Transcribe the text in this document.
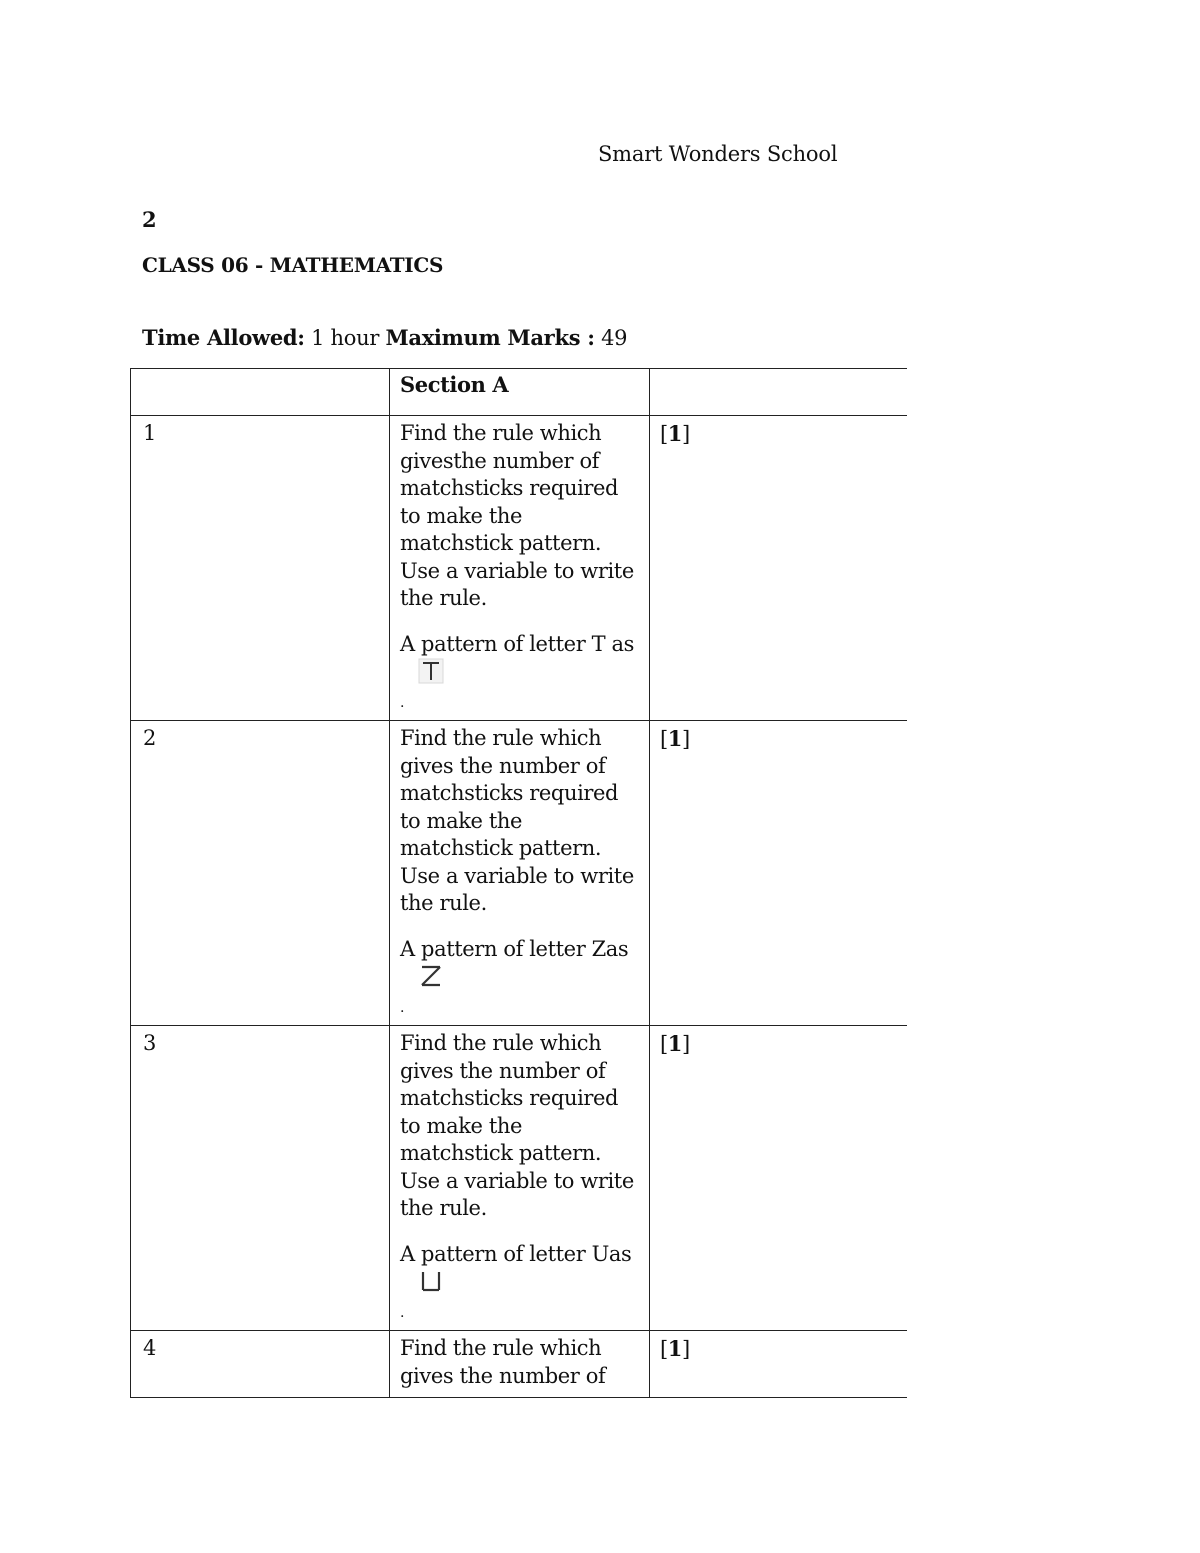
Smart Wonders School
2
CLASS 06 - MATHEMATICS
Time Allowed: 1 hour Maximum Marks : 49
	Section A	

1	Find the rule which givesthe number of matchsticks required to make the matchstick pattern. Use a variable to write the rule.
A pattern of letter T as
.	[1]

2	Find the rule which gives the number of matchsticks required to make the matchstick pattern. Use a variable to write the rule.
A pattern of letter Zas
.	[1]

3	Find the rule which gives the number of matchsticks required to make the matchstick pattern. Use a variable to write the rule.
A pattern of letter Uas
.	[1]

4	Find the rule which gives the number of	[1]
